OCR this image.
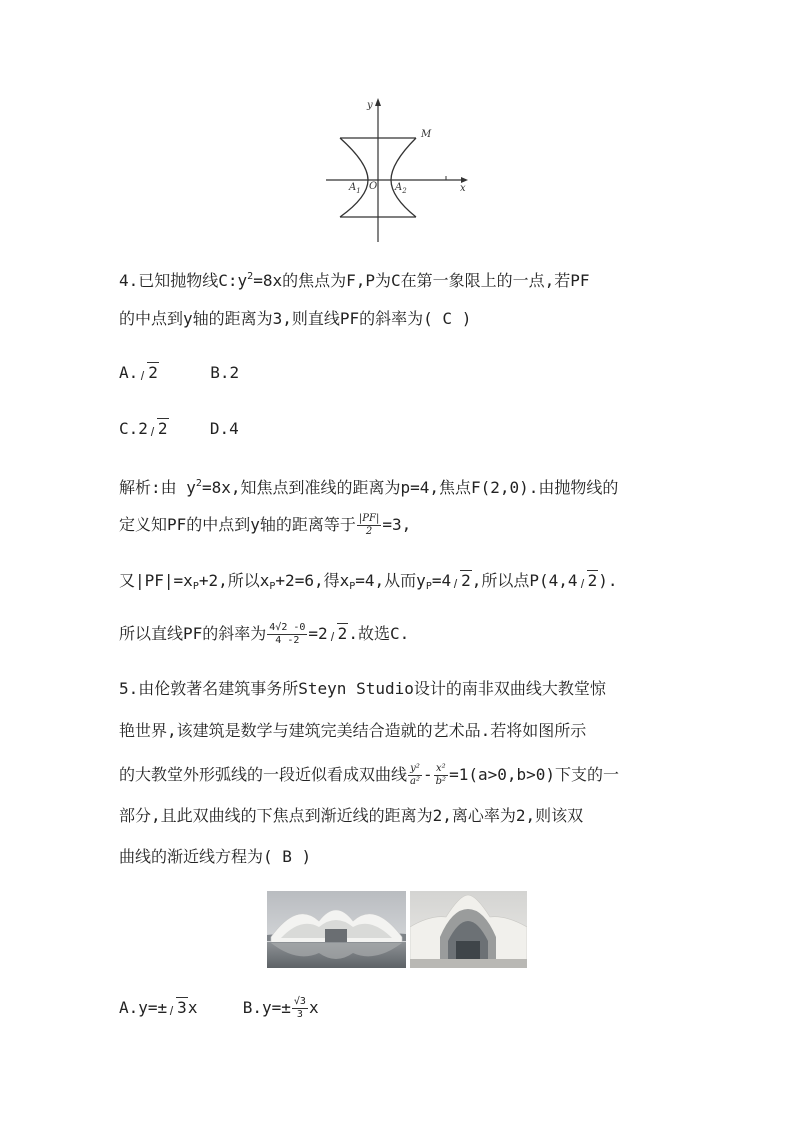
y
x
M
$A_1$ O $A_2$
4.已知抛物线$C:y^2=8x$的焦点为F,P为C在第一象限上的一点,若PF
的中点到y轴的距离为3,则直线PF的斜率为( C )
A. 2	B.2
C.2 2	D.4
解析:由 $y^2=8x$,知焦点到准线的距离为p=4,焦点F(2,0).由抛物线的
定义知PF的中点到y轴的距离等于 $\frac{|PF|}{2} =3$,
又$|PF|=x_P+2$,所以$x_P+2=6$,得$x_P=4$,从而$y_P=4$ 2,所以点P(4,4 2).
所以直线PF的斜率为 $\frac{4√2 -0}{4 -2} =2$ 2.故选C.
5.由伦敦著名建筑事务所Steyn Studio设计的南非双曲线大教堂惊
艳世界,该建筑是数学与建筑完美结合造就的艺术品.若将如图所示
的大教堂外形弧线的一段近似看成双曲线 $\frac{\text{y²}}{\text{a²}} - \frac{\text{x²}}{\text{b²}} =1(a>0,b>0)$下支的一
部分,且此双曲线的下焦点到渐近线的距离为2,离心率为2,则该双
曲线的渐近线方程为( B )
A.y=± 3x	$B.y=\pm \frac{√3}{3}$ x
